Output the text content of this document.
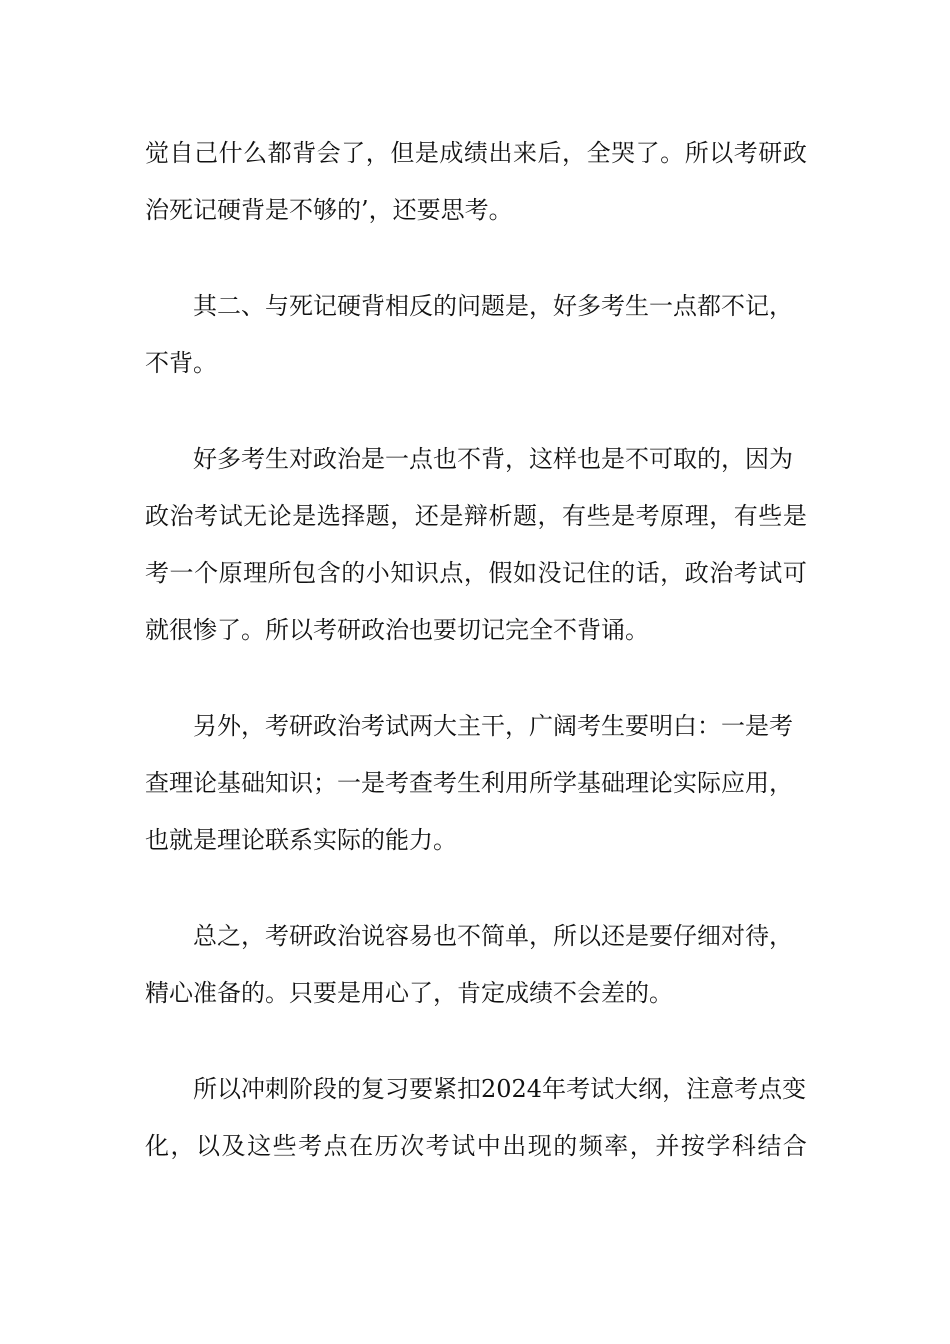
觉 自 己 什 么 都 背 会 了 ， 但 是 成 绩 出 来 后 ， 全 哭 了 。 所 以 考 研 政
治死记硬背是不够的’，还要思考。
其二、与死记硬背相反的问题是，好多考生一点都不记，
不背。
好多考生对政治是一点也不背，这样也是不可取的，因为
政 治 考 试 无 论 是 选 择 题 ， 还 是 辩 析 题 ， 有 些 是 考 原 理 ， 有 些 是
考 一 个 原 理 所 包 含 的 小 知 识 点 ， 假 如 没 记 住 的 话 ， 政 治 考 试 可
就很惨了。所以考研政治也要切记完全不背诵。
另外，考研政治考试两大主干，广阔考生要明白：一是考
查理论基础知识；一是考查考生利用所学基础理论实际应用，
也就是理论联系实际的能力。
总之，考研政治说容易也不简单，所以还是要仔细对待，
精心准备的。只要是用心了，肯定成绩不会差的。
所以冲刺阶段的复习要紧扣2024年考试大纲，注意考点变
化 ， 以 及 这 些 考 点 在 历 次 考 试 中 出 现 的 频 率 ， 并 按 学 科 结 合
